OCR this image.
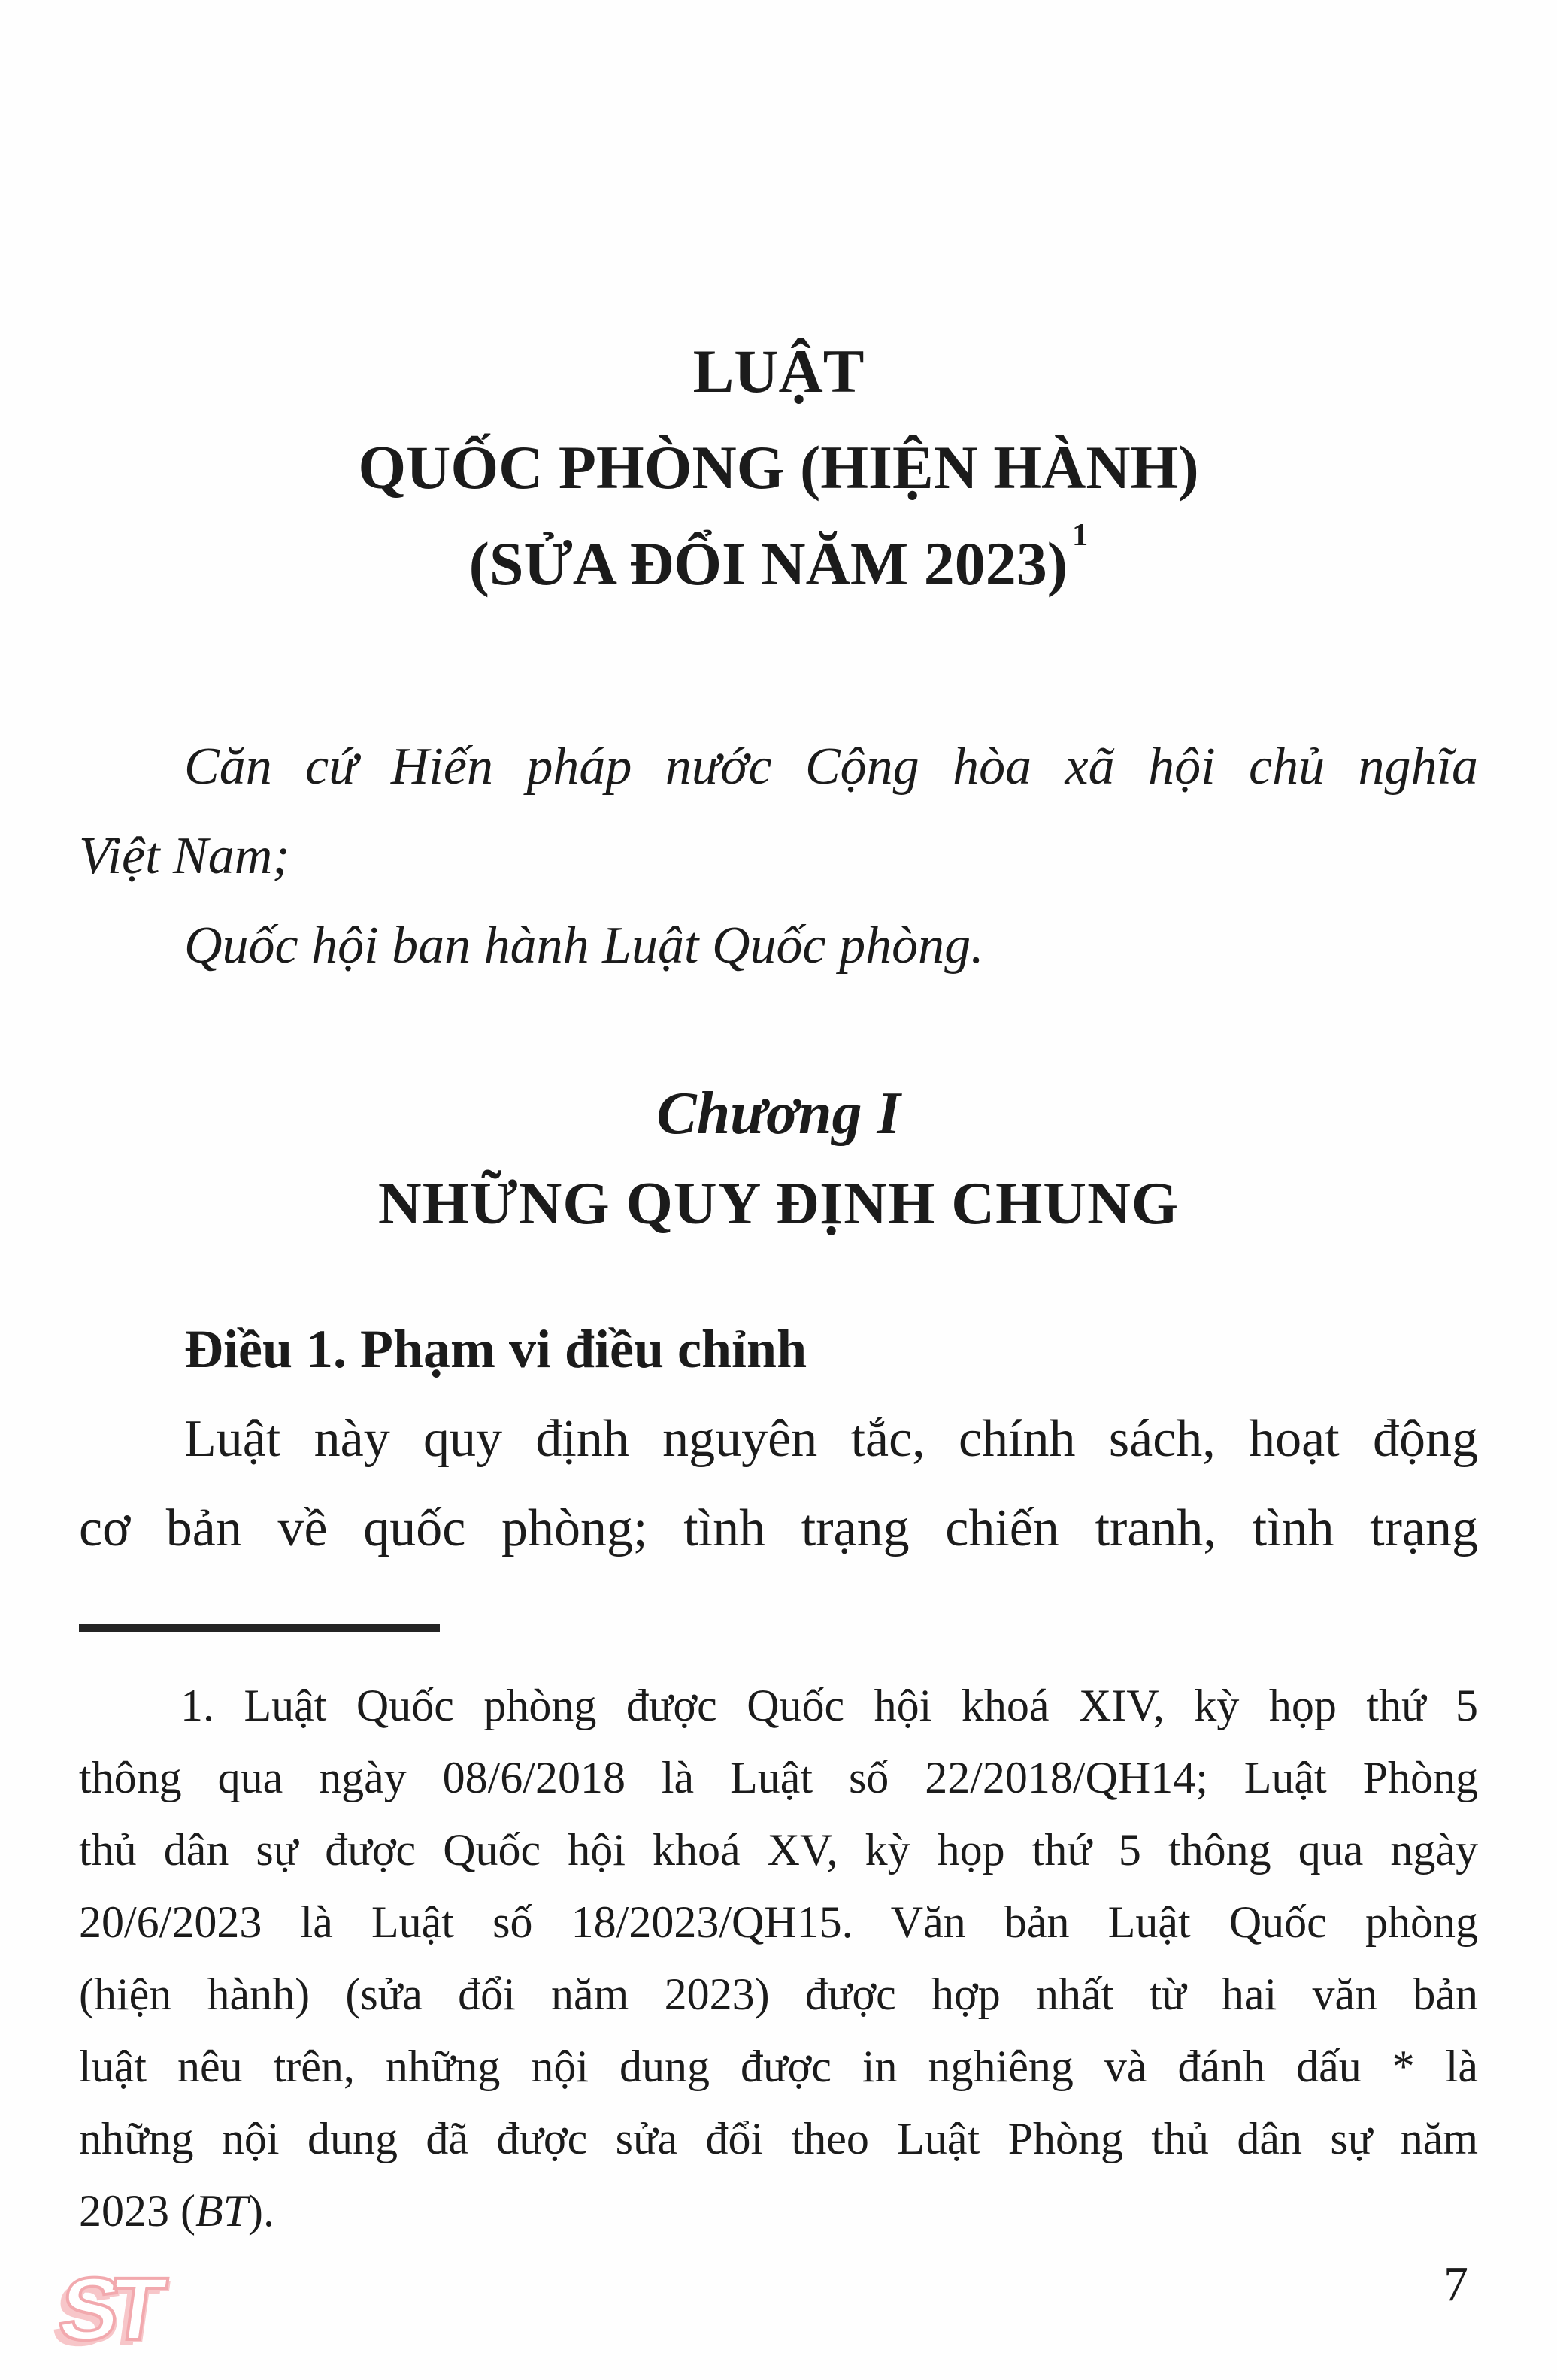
LUẬT
QUỐC PHÒNG (HIỆN HÀNH)
(SỬA ĐỔI NĂM 2023) $^1$
Căn cứ Hiến pháp nước Cộng hòa xã hội chủ nghĩa
Việt Nam;
Quốc hội ban hành Luật Quốc phòng.
Chương I
NHỮNG QUY ĐỊNH CHUNG
Điều 1. Phạm vi điều chỉnh
Luật này quy định nguyên tắc, chính sách, hoạt động
cơ bản về quốc phòng; tình trạng chiến tranh, tình trạng
1. Luật Quốc phòng được Quốc hội khoá XIV, kỳ họp thứ 5
thông qua ngày 08/6/2018 là Luật số 22/2018/QH14; Luật Phòng
thủ dân sự được Quốc hội khoá XV, kỳ họp thứ 5 thông qua ngày
20/6/2023 là Luật số 18/2023/QH15. Văn bản Luật Quốc phòng
(hiện hành) (sửa đổi năm 2023) được hợp nhất từ hai văn bản
luật nêu trên, những nội dung được in nghiêng và đánh dấu * là
những nội dung đã được sửa đổi theo Luật Phòng thủ dân sự năm
2023 (BT).
ST	7
